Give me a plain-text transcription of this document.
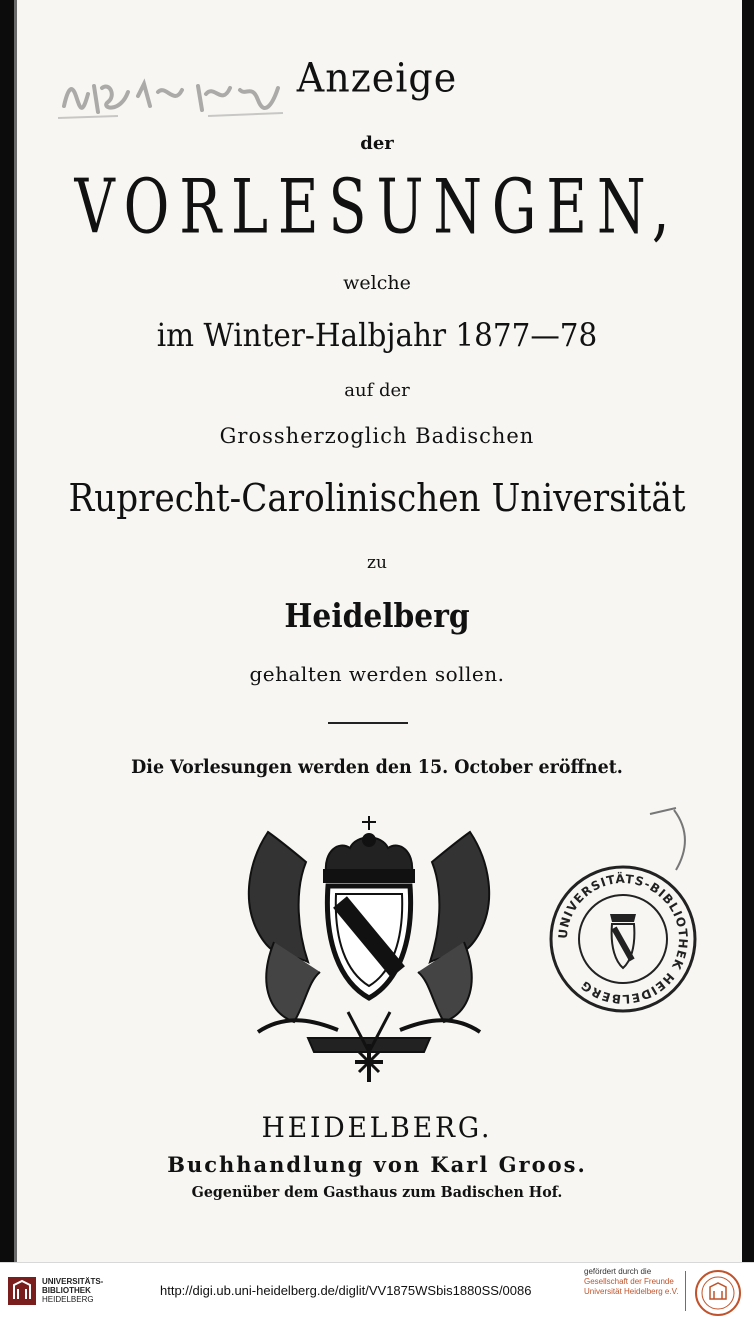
Anzeige
der
VORLESUNGEN,
welche
im Winter-Halbjahr 1877—78
auf der
Grossherzoglich Badischen
Ruprecht-Carolinischen Universität
zu
Heidelberg
gehalten werden sollen.
Die Vorlesungen werden den 15. October eröffnet.
UNIVERSITÄTS-BIBLIOTHEK HEIDELBERG
HEIDELBERG.
Buchhandlung von Karl Groos.
Gegenüber dem Gasthaus zum Badischen Hof.
UNIVERSITÄTS-
BIBLIOTHEK
HEIDELBERG
http://digi.ub.uni-heidelberg.de/diglit/VV1875WSbis1880SS/0086
gefördert durch die
Gesellschaft der Freunde
Universität Heidelberg e.V.
